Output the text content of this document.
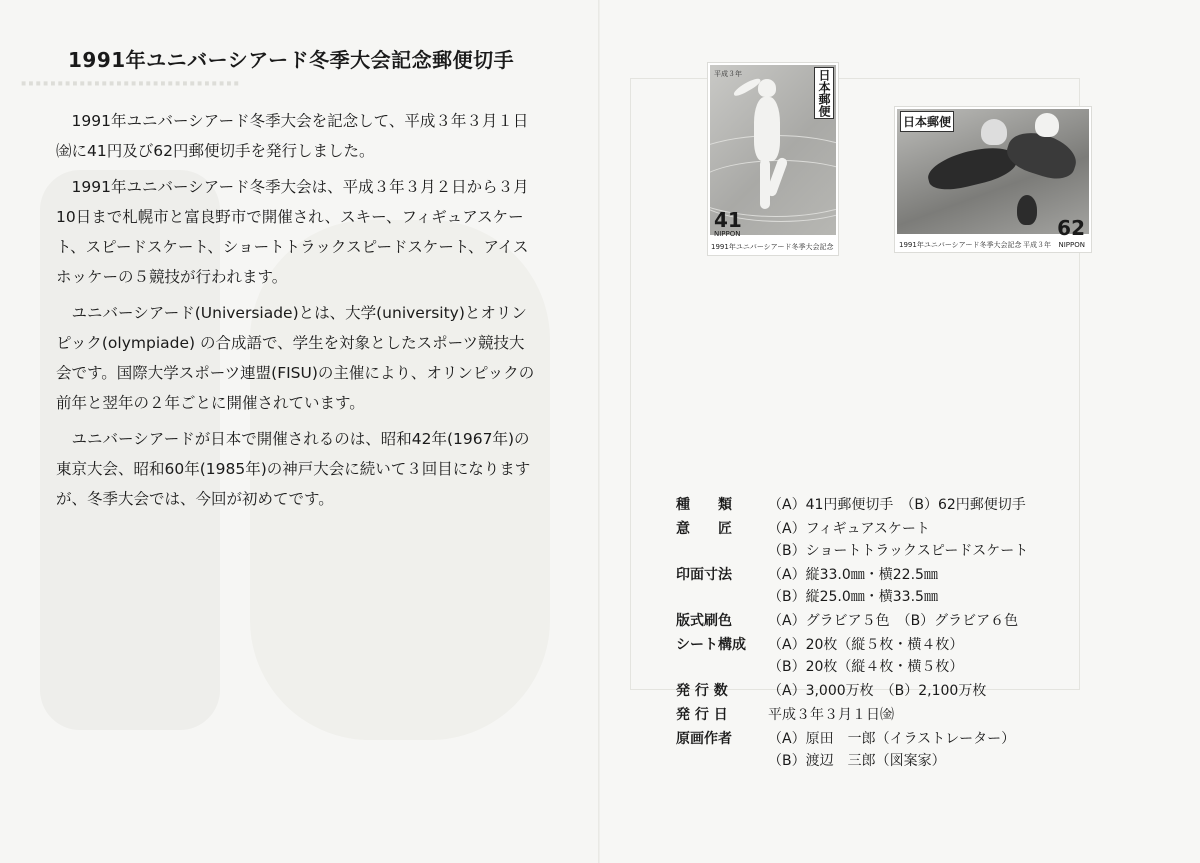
⋯⋯⋯⋯⋯⋯⋯⋯⋯⋯
1991年ユニバーシアード冬季大会記念郵便切手

1991年ユニバーシアード冬季大会を記念して、平成３年３月１日㈮に41円及び62円郵便切手を発行しました。

1991年ユニバーシアード冬季大会は、平成３年３月２日から３月10日まで札幌市と富良野市で開催され、スキー、フィギュアスケート、スピードスケート、ショートトラックスピードスケート、アイスホッケーの５競技が行われます。

ユニバーシアード(Universiade)とは、大学(university)とオリンピック(olympiade) の合成語で、学生を対象としたスポーツ競技大会です。国際大学スポーツ連盟(FISU)の主催により、オリンピックの前年と翌年の２年ごとに開催されています。

ユニバーシアードが日本で開催されるのは、昭和42年(1967年)の東京大会、昭和60年(1985年)の神戸大会に続いて３回目になりますが、冬季大会では、今回が初めてです。

日本郵便
平成３年
41
NIPPON
1991年ユニバーシアード冬季大会記念
日本郵便
62
1991年ユニバーシアード冬季大会記念 平成３年 NIPPON
種　　類	（A）41円郵便切手　（B）62円郵便切手
意　　匠	（A）フィギュアスケート
（B）ショートトラックスピードスケート
印面寸法	（A）縦33.0㎜・横22.5㎜
（B）縦25.0㎜・横33.5㎜
版式刷色	（A）グラビア５色　（B）グラビア６色
シート構成	（A）20枚（縦５枚・横４枚）
（B）20枚（縦４枚・横５枚）
発 行 数	（A）3,000万枚　（B）2,100万枚
発 行 日	平成３年３月１日㈮
原画作者	（A）原田　一郎（イラストレーター）
（B）渡辺　三郎（図案家）
